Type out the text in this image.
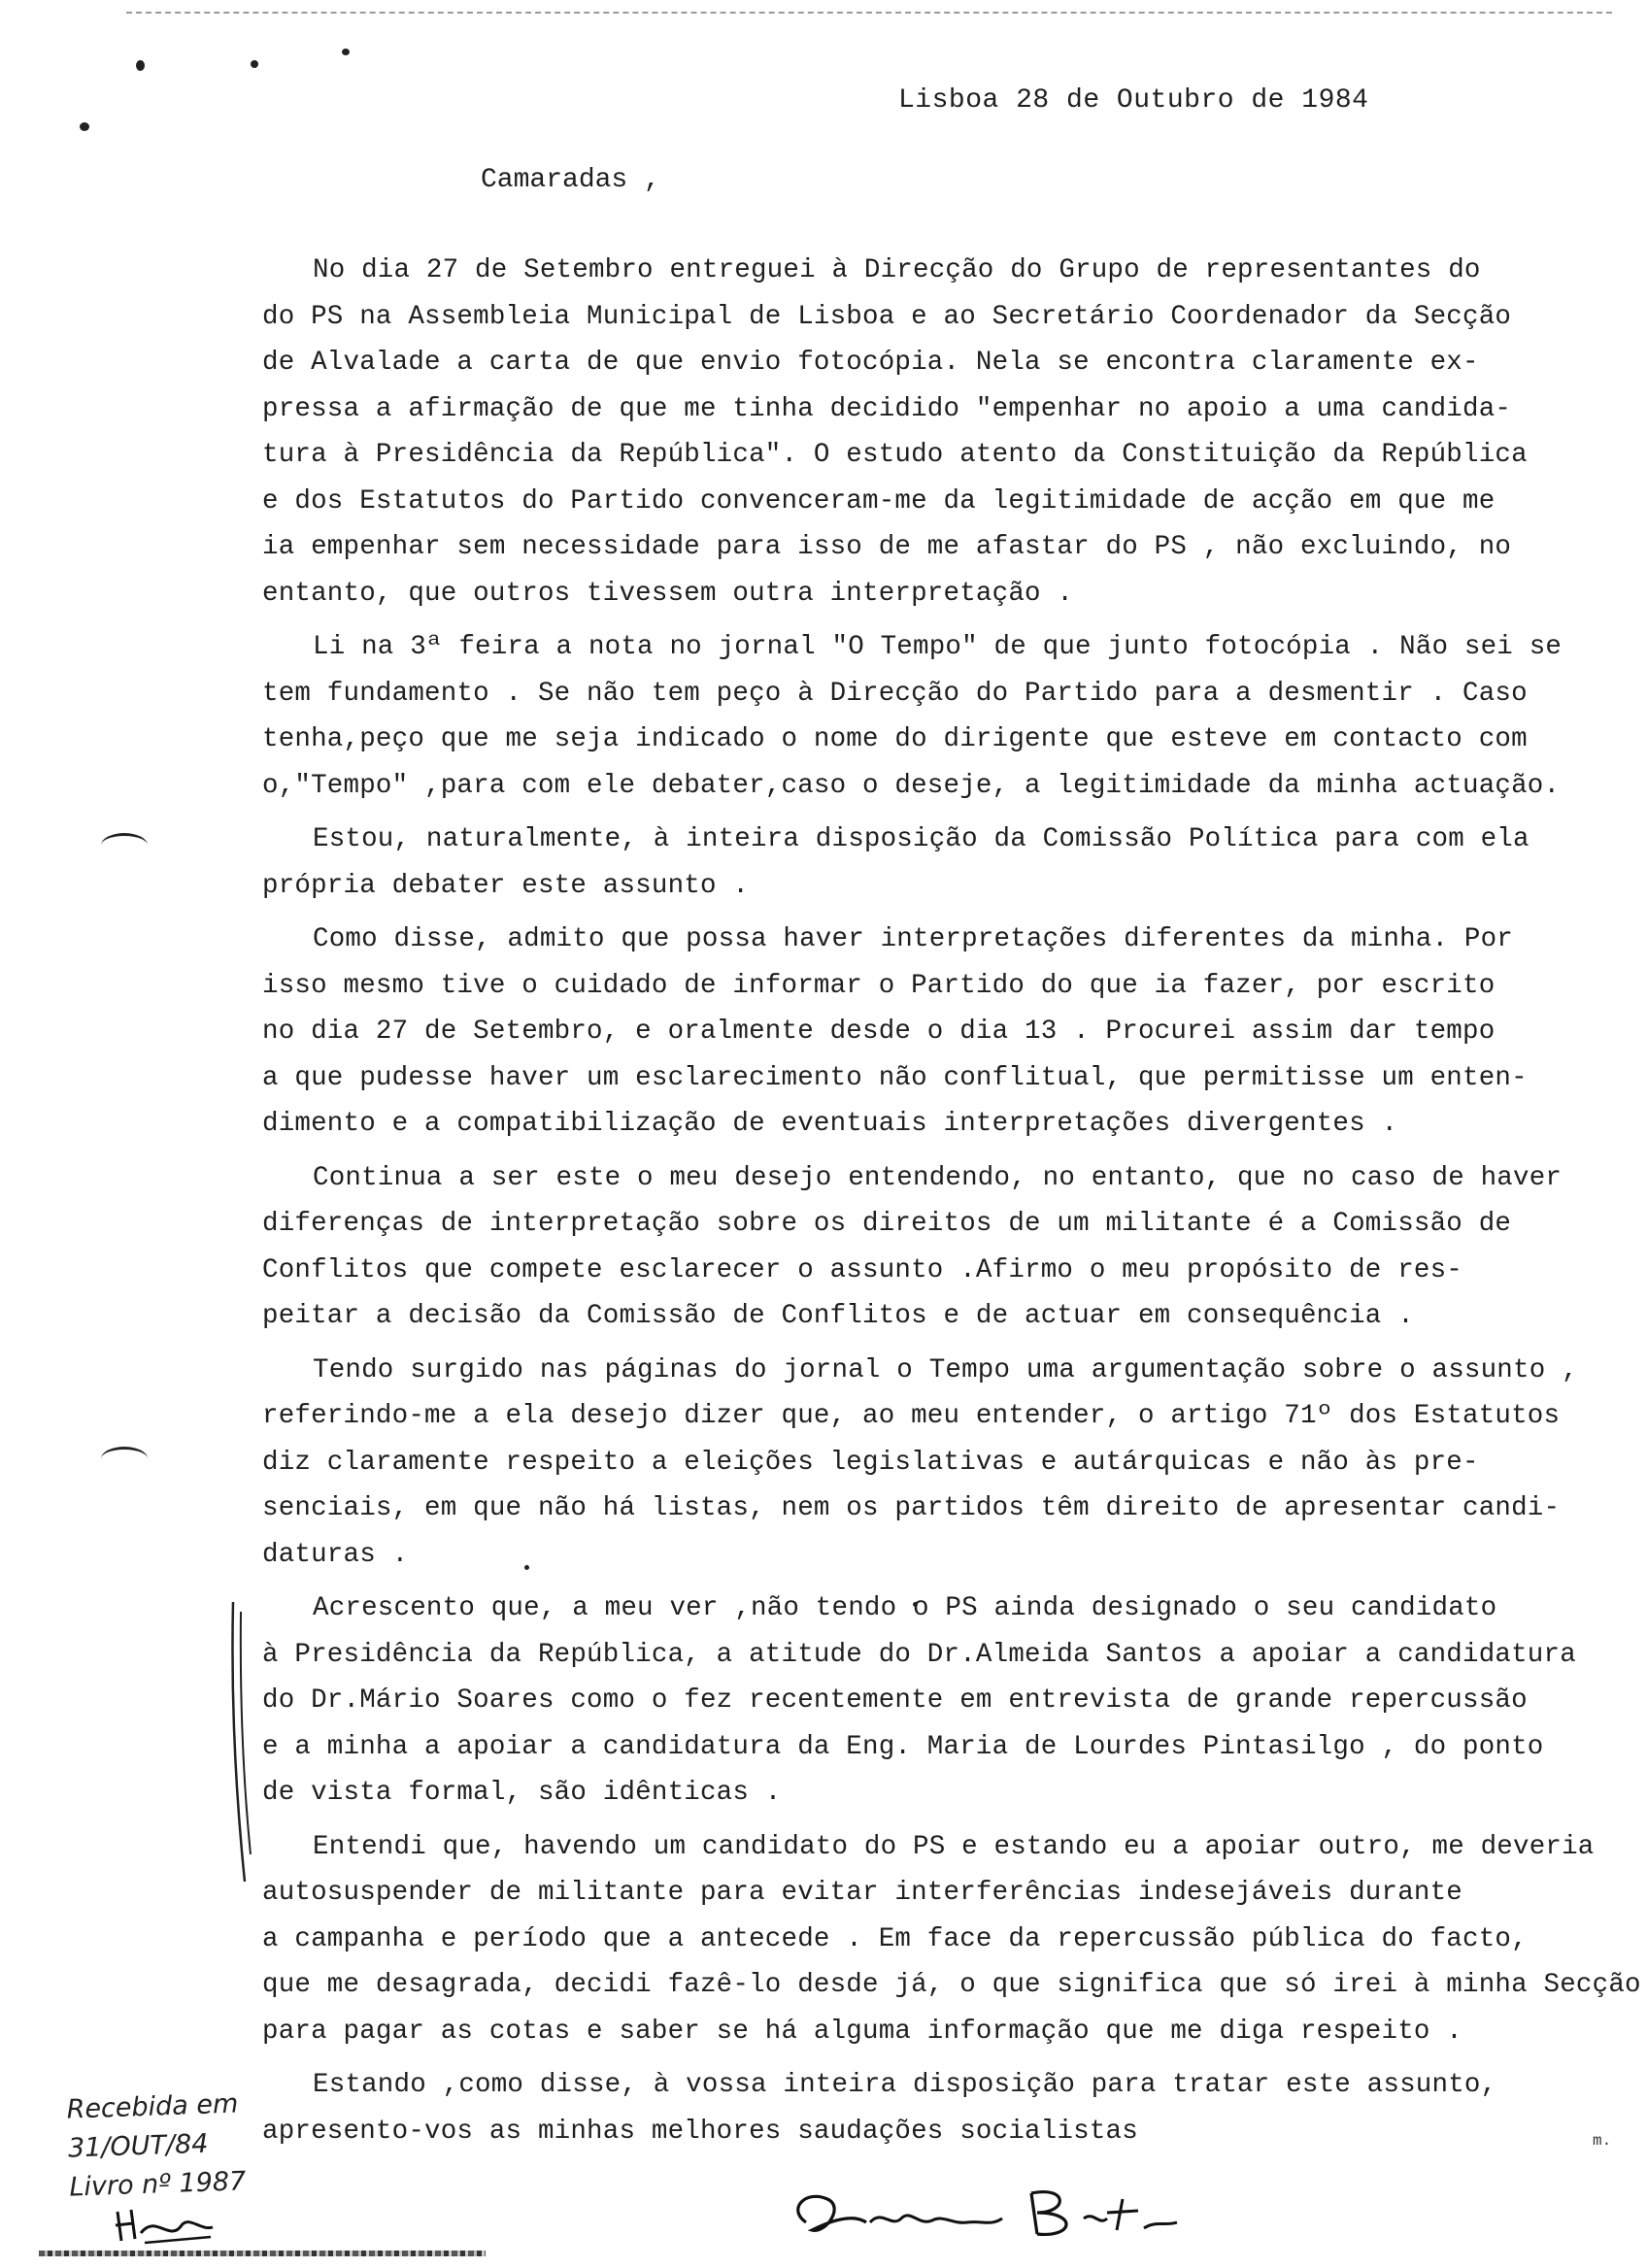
Lisboa 28 de Outubro de 1984
Camaradas ,
No dia 27 de Setembro entreguei à Direcção do Grupo de representantes do
do PS na Assembleia Municipal de Lisboa e ao Secretário Coordenador da Secção
de Alvalade a carta de que envio fotocópia. Nela se encontra claramente ex-
pressa a afirmação de que me tinha decidido "empenhar no apoio a uma candida-
tura à Presidência da República". O estudo atento da Constituição da República
e dos Estatutos do Partido convenceram-me da legitimidade de acção em que me
ia empenhar sem necessidade para isso de me afastar do PS , não excluindo, no
entanto, que outros tivessem outra interpretação .
Li na 3ª feira a nota no jornal "O Tempo" de que junto fotocópia . Não sei se
tem fundamento . Se não tem peço à Direcção do Partido para a desmentir . Caso
tenha,peço que me seja indicado o nome do dirigente que esteve em contacto com
o,"Tempo" ,para com ele debater,caso o deseje, a legitimidade da minha actuação.
Estou, naturalmente, à inteira disposição da Comissão Política para com ela
própria debater este assunto .
Como disse, admito que possa haver interpretações diferentes da minha. Por
isso mesmo tive o cuidado de informar o Partido do que ia fazer, por escrito
no dia 27 de Setembro, e oralmente desde o dia 13 . Procurei assim dar tempo
a que pudesse haver um esclarecimento não conflitual, que permitisse um enten-
dimento e a compatibilização de eventuais interpretações divergentes .
Continua a ser este o meu desejo entendendo, no entanto, que no caso de haver
diferenças de interpretação sobre os direitos de um militante é a Comissão de
Conflitos que compete esclarecer o assunto .Afirmo o meu propósito de res-
peitar a decisão da Comissão de Conflitos e de actuar em consequência .
Tendo surgido nas páginas do jornal o Tempo uma argumentação sobre o assunto ,
referindo-me a ela desejo dizer que, ao meu entender, o artigo 71º dos Estatutos
diz claramente respeito a eleições legislativas e autárquicas e não às pre-
senciais, em que não há listas, nem os partidos têm direito de apresentar candi-
daturas .
Acrescento que, a meu ver ,não tendo o PS ainda designado o seu candidato
à Presidência da República, a atitude do Dr.Almeida Santos a apoiar a candidatura
do Dr.Mário Soares como o fez recentemente em entrevista de grande repercussão
e a minha a apoiar a candidatura da Eng. Maria de Lourdes Pintasilgo , do ponto
de vista formal, são idênticas .
Entendi que, havendo um candidato do PS e estando eu a apoiar outro, me deveria
autosuspender de militante para evitar interferências indesejáveis durante
a campanha e período que a antecede . Em face da repercussão pública do facto,
que me desagrada, decidi fazê-lo desde já, o que significa que só irei à minha Secção
para pagar as cotas e saber se há alguma informação que me diga respeito .
Estando ,como disse, à vossa inteira disposição para tratar este assunto,
apresento-vos as minhas melhores saudações socialistas
Recebida em
31/OUT/84
Livro nº 1987
m.
